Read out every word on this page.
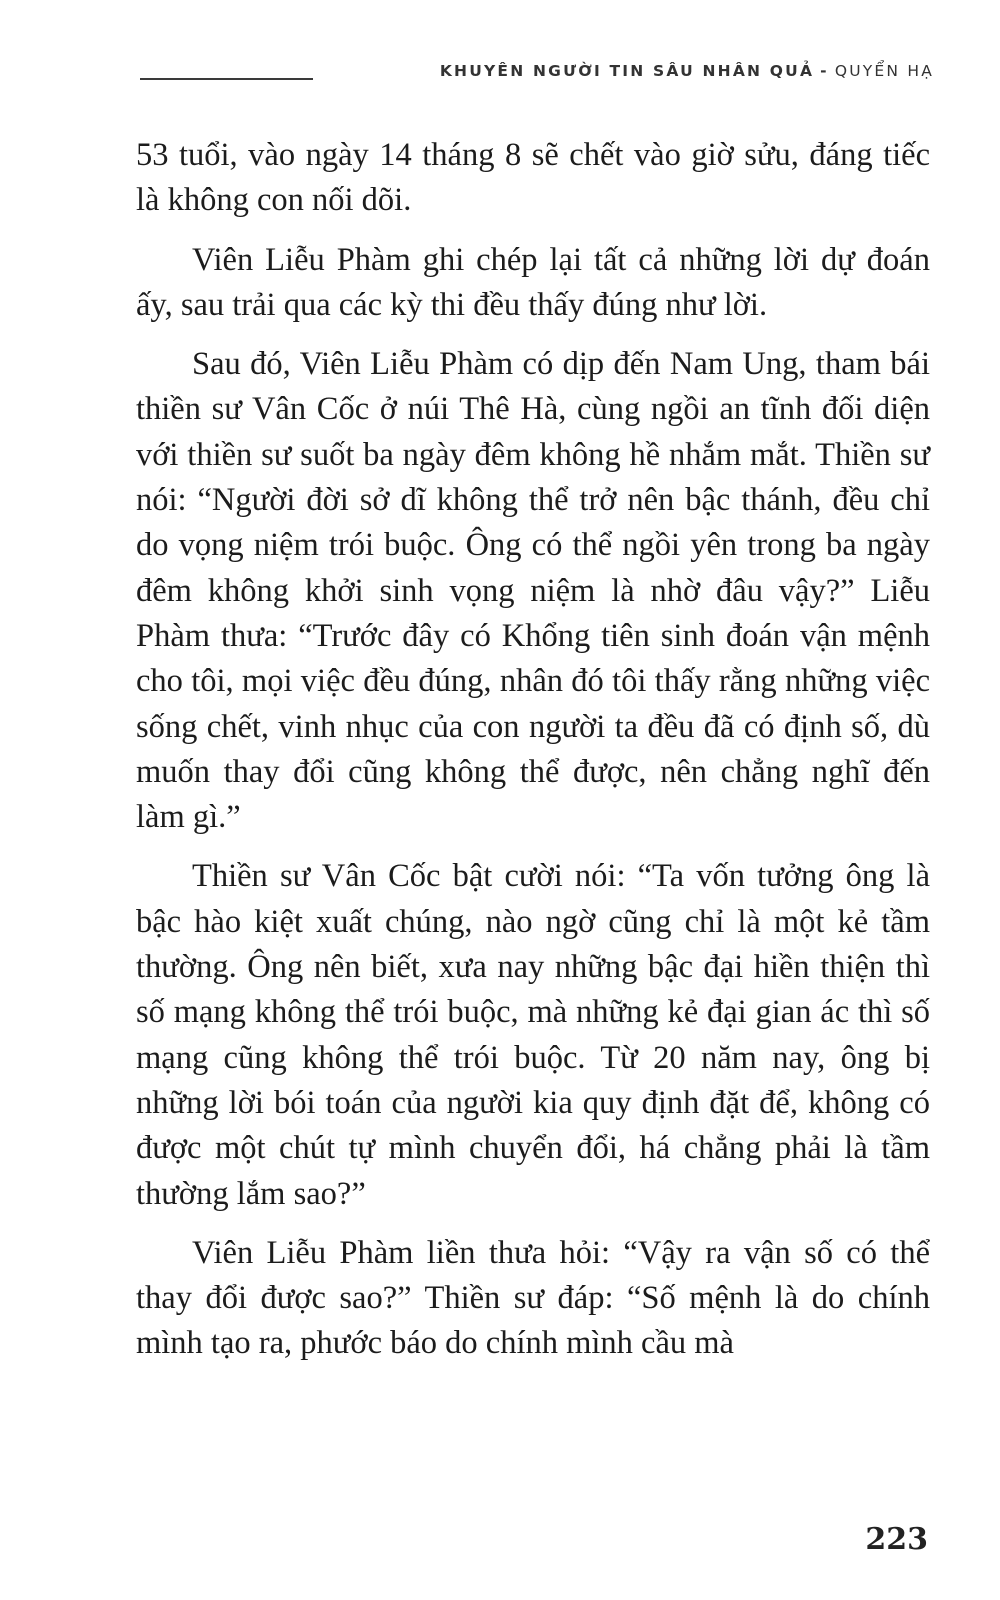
KHUYÊN NGƯỜI TIN SÂU NHÂN QUẢ - QUYỂN HẠ

53 tuổi, vào ngày 14 tháng 8 sẽ chết vào giờ sửu, đáng tiếc là không con nối dõi.

Viên Liễu Phàm ghi chép lại tất cả những lời dự đoán ấy, sau trải qua các kỳ thi đều thấy đúng như lời.

Sau đó, Viên Liễu Phàm có dịp đến Nam Ung, tham bái thiền sư Vân Cốc ở núi Thê Hà, cùng ngồi an tĩnh đối diện với thiền sư suốt ba ngày đêm không hề nhắm mắt. Thiền sư nói: “Người đời sở dĩ không thể trở nên bậc thánh, đều chỉ do vọng niệm trói buộc. Ông có thể ngồi yên trong ba ngày đêm không khởi sinh vọng niệm là nhờ đâu vậy?” Liễu Phàm thưa: “Trước đây có Khổng tiên sinh đoán vận mệnh cho tôi, mọi việc đều đúng, nhân đó tôi thấy rằng những việc sống chết, vinh nhục của con người ta đều đã có định số, dù muốn thay đổi cũng không thể được, nên chẳng nghĩ đến làm gì.”

Thiền sư Vân Cốc bật cười nói: “Ta vốn tưởng ông là bậc hào kiệt xuất chúng, nào ngờ cũng chỉ là một kẻ tầm thường. Ông nên biết, xưa nay những bậc đại hiền thiện thì số mạng không thể trói buộc, mà những kẻ đại gian ác thì số mạng cũng không thể trói buộc. Từ 20 năm nay, ông bị những lời bói toán của người kia quy định đặt để, không có được một chút tự mình chuyển đổi, há chẳng phải là tầm thường lắm sao?”

Viên Liễu Phàm liền thưa hỏi: “Vậy ra vận số có thể thay đổi được sao?” Thiền sư đáp: “Số mệnh là do chính mình tạo ra, phước báo do chính mình cầu mà

223
